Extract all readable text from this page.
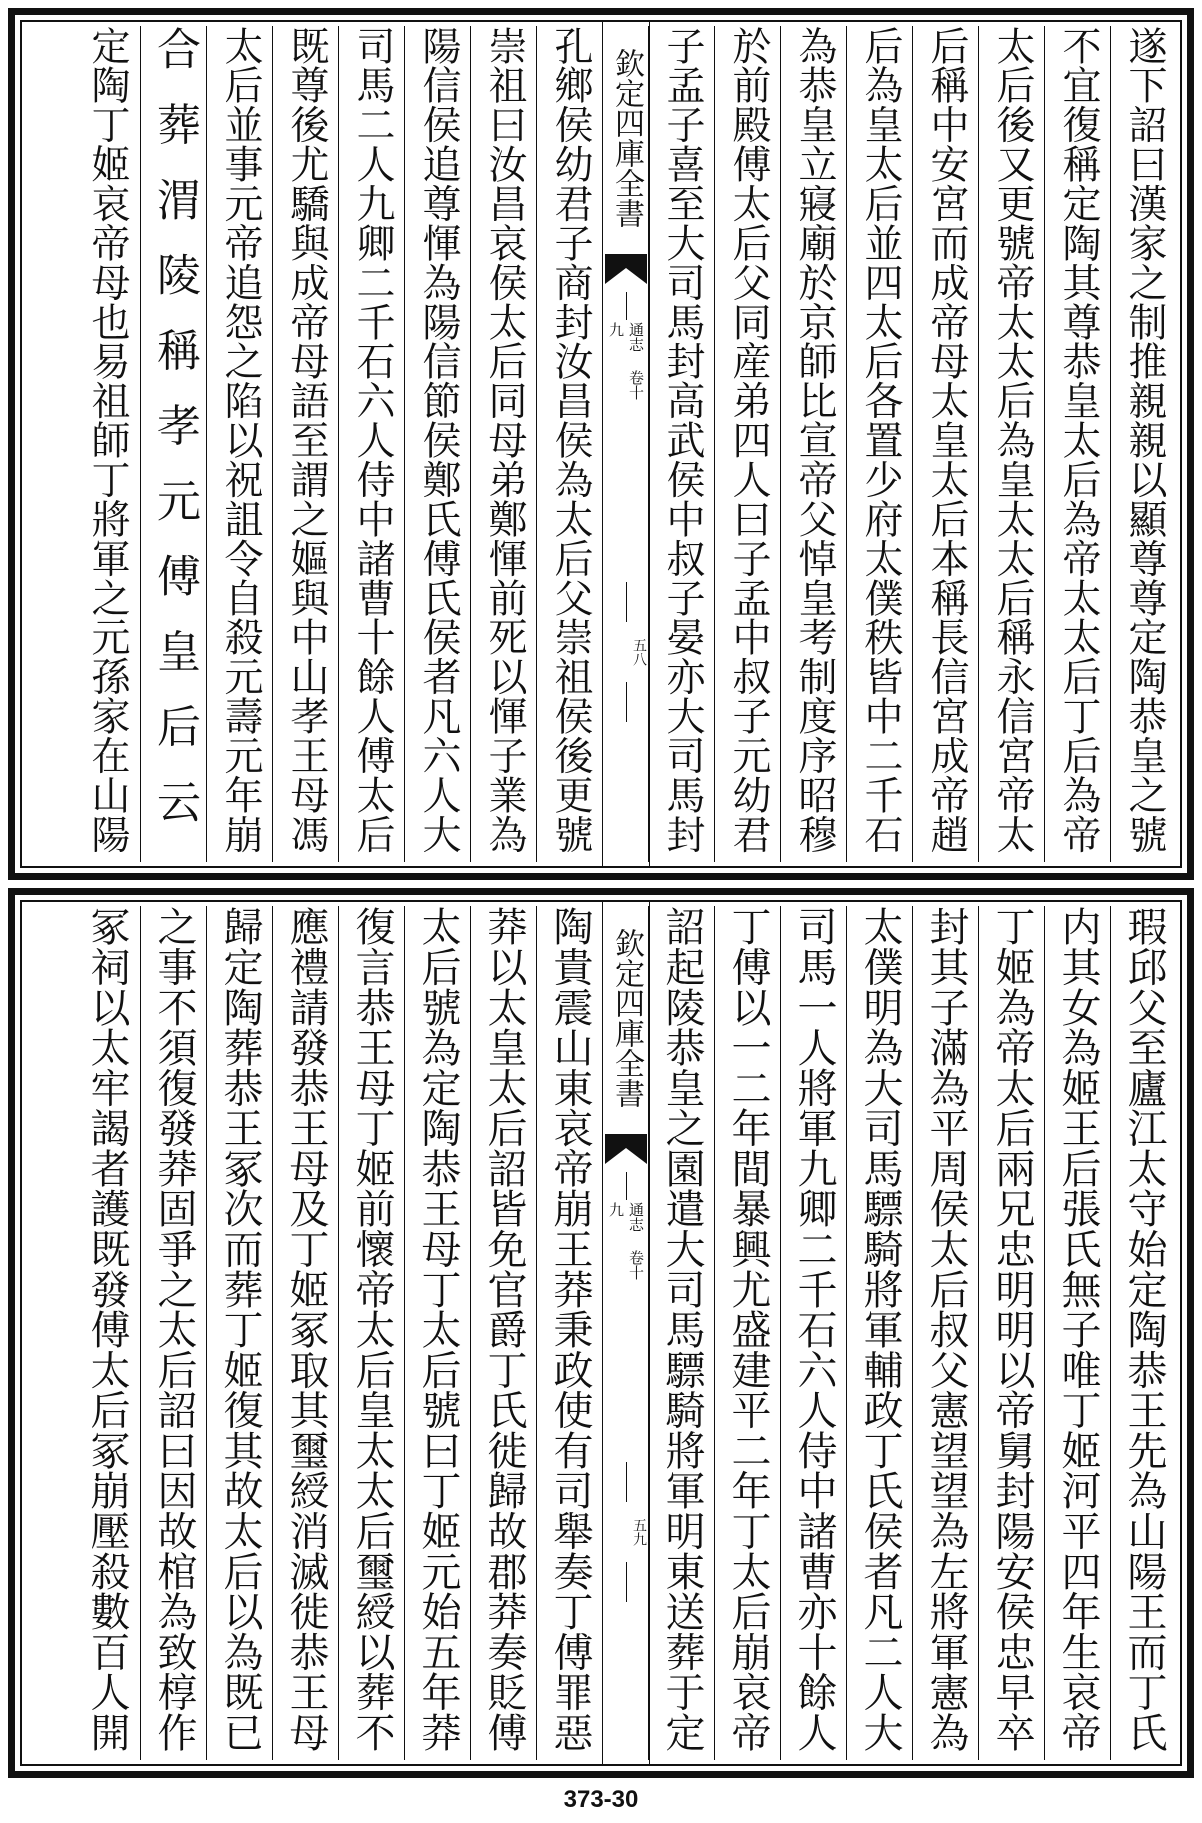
遂下詔曰漢家之制推親親以顯尊尊定陶恭皇之號
不宜復稱定陶其尊恭皇太后為帝太太后丁后為帝
太后後又更號帝太太后為皇太太后稱永信宮帝太
后稱中安宮而成帝母太皇太后本稱長信宮成帝趙
后為皇太后並四太后各置少府太僕秩皆中二千石
為恭皇立寢廟於京師比宣帝父悼皇考制度序昭穆
於前殿傅太后父同産弟四人曰子孟中叔子元幼君
子孟子喜至大司馬封高武侯中叔子晏亦大司馬封
欽定四庫全書
通志 卷十九
五八
孔鄉侯幼君子商封汝昌侯為太后父崇祖侯後更號
崇祖曰汝昌哀侯太后同母弟鄭惲前死以惲子業為
陽信侯追尊惲為陽信節侯鄭氏傅氏侯者凡六人大
司馬二人九卿二千石六人侍中諸曹十餘人傅太后
既尊後尤驕與成帝母語至謂之嫗與中山孝王母馮
太后並事元帝追怨之陷以祝詛令自殺元壽元年崩
合葬渭陵稱孝元傅皇后云
定陶丁姬哀帝母也易祖師丁將軍之元孫家在山陽
瑕邱父至廬江太守始定陶恭王先為山陽王而丁氏
内其女為姬王后張氏無子唯丁姬河平四年生哀帝
丁姬為帝太后兩兄忠明明以帝舅封陽安侯忠早卒
封其子滿為平周侯太后叔父憲望望為左將軍憲為
太僕明為大司馬驃騎將軍輔政丁氏侯者凡二人大
司馬一人將軍九卿二千石六人侍中諸曹亦十餘人
丁傅以一二年間暴興尤盛建平二年丁太后崩哀帝
詔起陵恭皇之園遣大司馬驃騎將軍明東送葬于定
欽定四庫全書
通志 卷十九
五九
陶貴震山東哀帝崩王莽秉政使有司舉奏丁傅罪惡
莽以太皇太后詔皆免官爵丁氏徙歸故郡莽奏貶傅
太后號為定陶恭王母丁太后號曰丁姬元始五年莽
復言恭王母丁姬前懷帝太后皇太太后璽綬以葬不
應禮請發恭王母及丁姬冢取其璽綬消滅徙恭王母
歸定陶葬恭王冢次而葬丁姬復其故太后以為既已
之事不須復發莽固爭之太后詔曰因故棺為致椁作
冢祠以太牢謁者護既發傅太后冢崩壓殺數百人開
373-30
